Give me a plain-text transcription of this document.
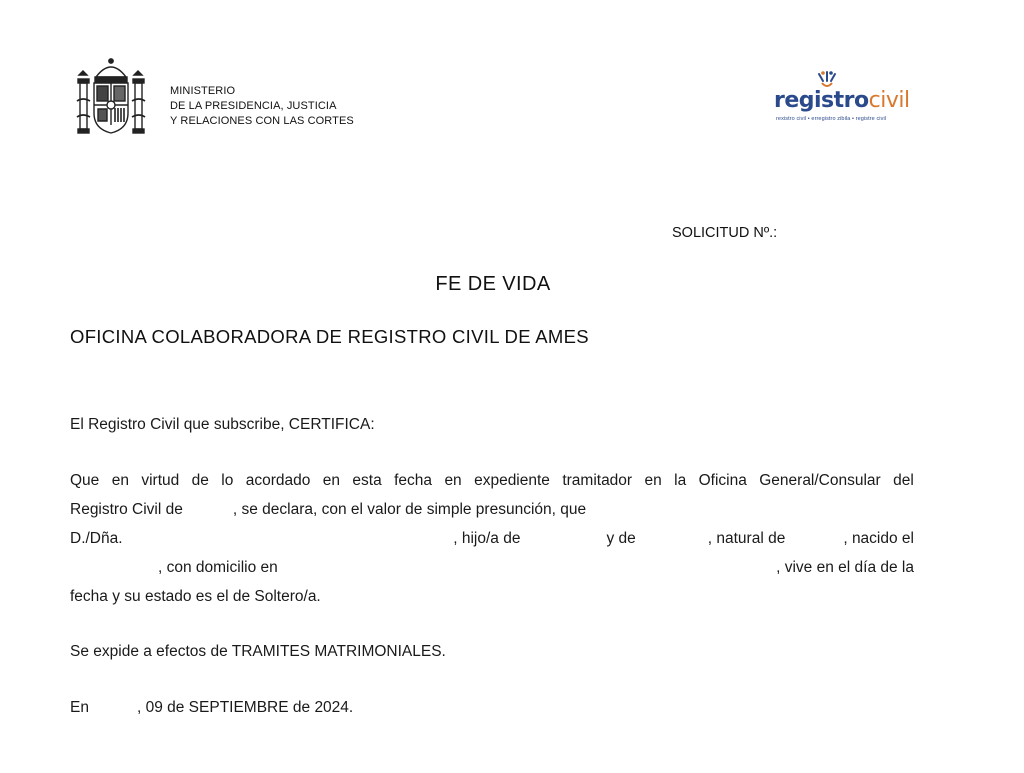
MINISTERIO
DE LA PRESIDENCIA, JUSTICIA
Y RELACIONES CON LAS CORTES
registrocivil
rexistro civil • erregistro zibila • registre civil
SOLICITUD Nº.:
FE DE VIDA
OFICINA COLABORADORA DE REGISTRO CIVIL DE AMES
El Registro Civil que subscribe, CERTIFICA:
Que en virtud de lo acordado en esta fecha en expediente tramitador en la Oficina General/Consular del
Registro Civil de	, se declara, con el valor de simple presunción, que
D./Dña.	, hijo/a de	y de	, natural de	, nacido el
, con domicilio en	, vive en el día de la
fecha y su estado es el de Soltero/a.
Se expide a efectos de TRAMITES MATRIMONIALES.
En	, 09 de SEPTIEMBRE de 2024.
